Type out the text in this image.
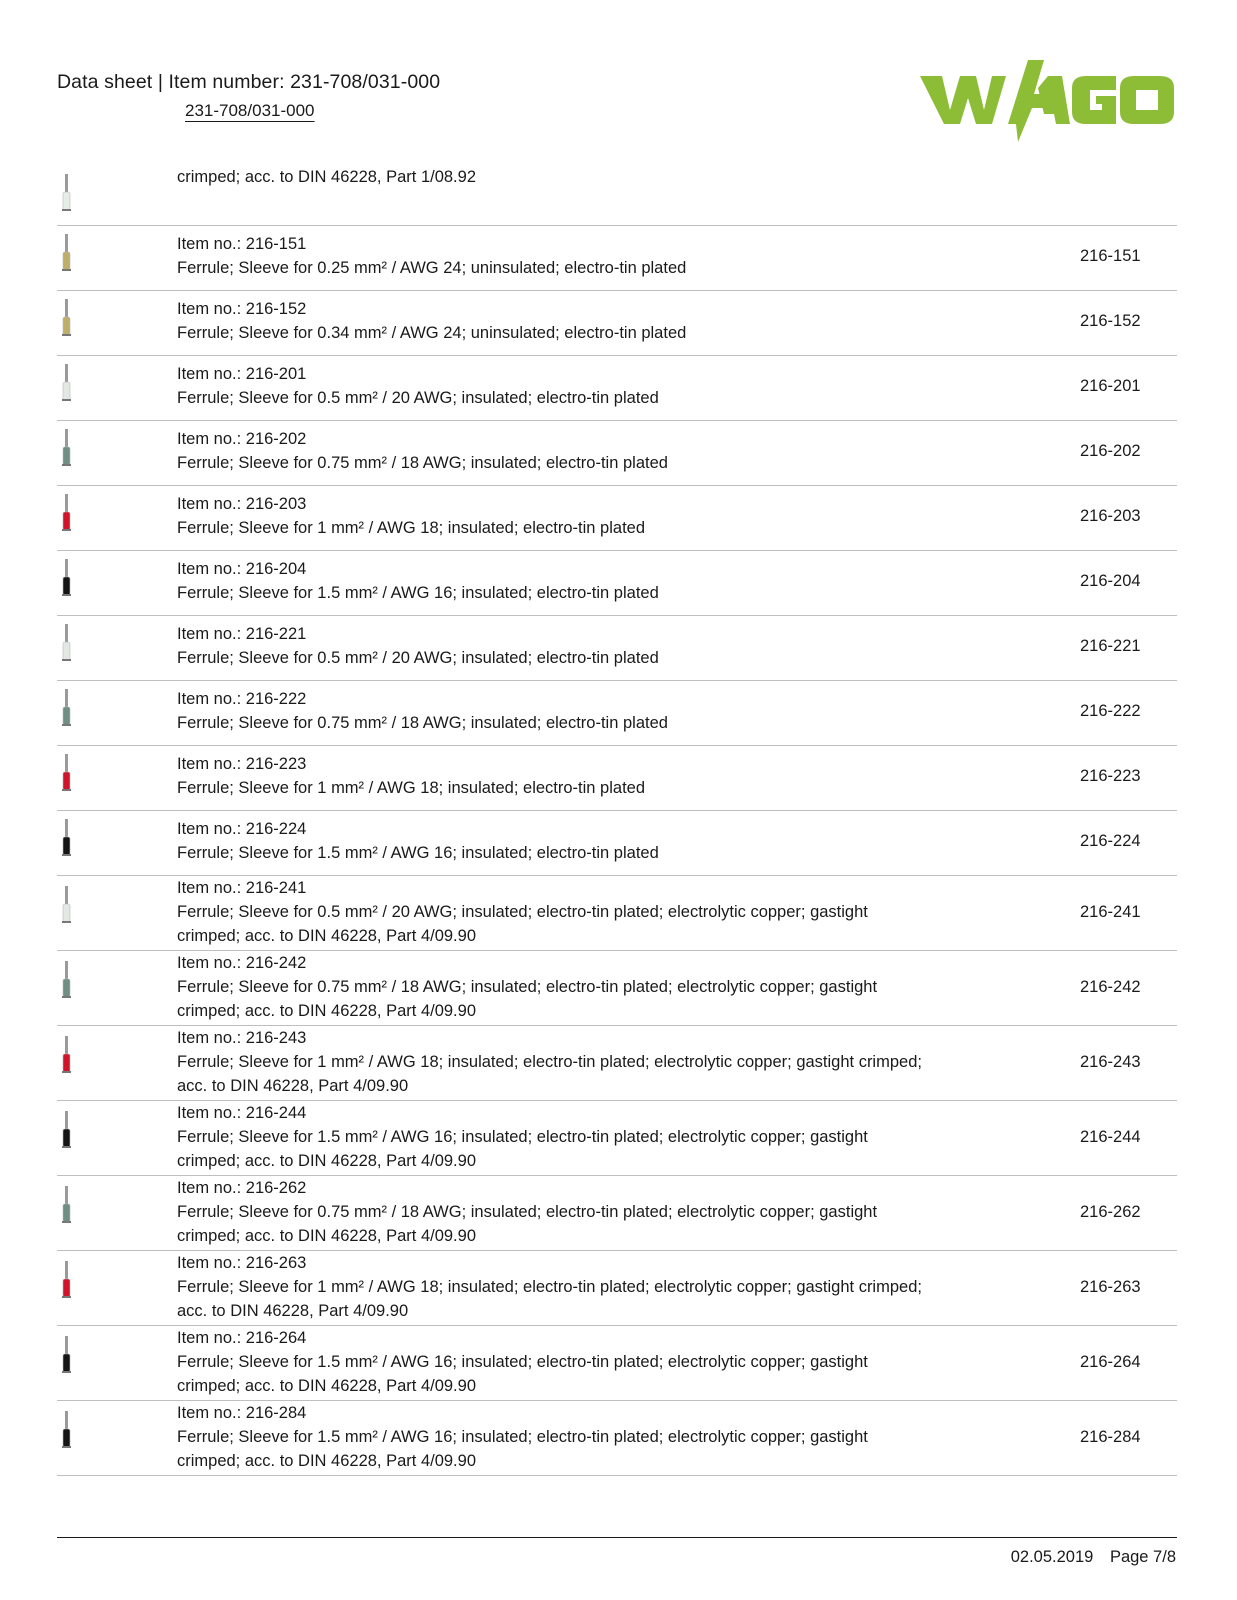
Data sheet | Item number: 231-708/031-000
231-708/031-000
crimped; acc. to DIN 46228, Part 1/08.92
Item no.: 216-151
Ferrule; Sleeve for 0.25 mm² / AWG 24; uninsulated; electro-tin plated
216-151
Item no.: 216-152
Ferrule; Sleeve for 0.34 mm² / AWG 24; uninsulated; electro-tin plated
216-152
Item no.: 216-201
Ferrule; Sleeve for 0.5 mm² / 20 AWG; insulated; electro-tin plated
216-201
Item no.: 216-202
Ferrule; Sleeve for 0.75 mm² / 18 AWG; insulated; electro-tin plated
216-202
Item no.: 216-203
Ferrule; Sleeve for 1 mm² / AWG 18; insulated; electro-tin plated
216-203
Item no.: 216-204
Ferrule; Sleeve for 1.5 mm² / AWG 16; insulated; electro-tin plated
216-204
Item no.: 216-221
Ferrule; Sleeve for 0.5 mm² / 20 AWG; insulated; electro-tin plated
216-221
Item no.: 216-222
Ferrule; Sleeve for 0.75 mm² / 18 AWG; insulated; electro-tin plated
216-222
Item no.: 216-223
Ferrule; Sleeve for 1 mm² / AWG 18; insulated; electro-tin plated
216-223
Item no.: 216-224
Ferrule; Sleeve for 1.5 mm² / AWG 16; insulated; electro-tin plated
216-224
Item no.: 216-241
Ferrule; Sleeve for 0.5 mm² / 20 AWG; insulated; electro-tin plated; electrolytic copper; gastight
crimped; acc. to DIN 46228, Part 4/09.90
216-241
Item no.: 216-242
Ferrule; Sleeve for 0.75 mm² / 18 AWG; insulated; electro-tin plated; electrolytic copper; gastight
crimped; acc. to DIN 46228, Part 4/09.90
216-242
Item no.: 216-243
Ferrule; Sleeve for 1 mm² / AWG 18; insulated; electro-tin plated; electrolytic copper; gastight crimped;
acc. to DIN 46228, Part 4/09.90
216-243
Item no.: 216-244
Ferrule; Sleeve for 1.5 mm² / AWG 16; insulated; electro-tin plated; electrolytic copper; gastight
crimped; acc. to DIN 46228, Part 4/09.90
216-244
Item no.: 216-262
Ferrule; Sleeve for 0.75 mm² / 18 AWG; insulated; electro-tin plated; electrolytic copper; gastight
crimped; acc. to DIN 46228, Part 4/09.90
216-262
Item no.: 216-263
Ferrule; Sleeve for 1 mm² / AWG 18; insulated; electro-tin plated; electrolytic copper; gastight crimped;
acc. to DIN 46228, Part 4/09.90
216-263
Item no.: 216-264
Ferrule; Sleeve for 1.5 mm² / AWG 16; insulated; electro-tin plated; electrolytic copper; gastight
crimped; acc. to DIN 46228, Part 4/09.90
216-264
Item no.: 216-284
Ferrule; Sleeve for 1.5 mm² / AWG 16; insulated; electro-tin plated; electrolytic copper; gastight
crimped; acc. to DIN 46228, Part 4/09.90
216-284
02.05.2019 Page 7/8
